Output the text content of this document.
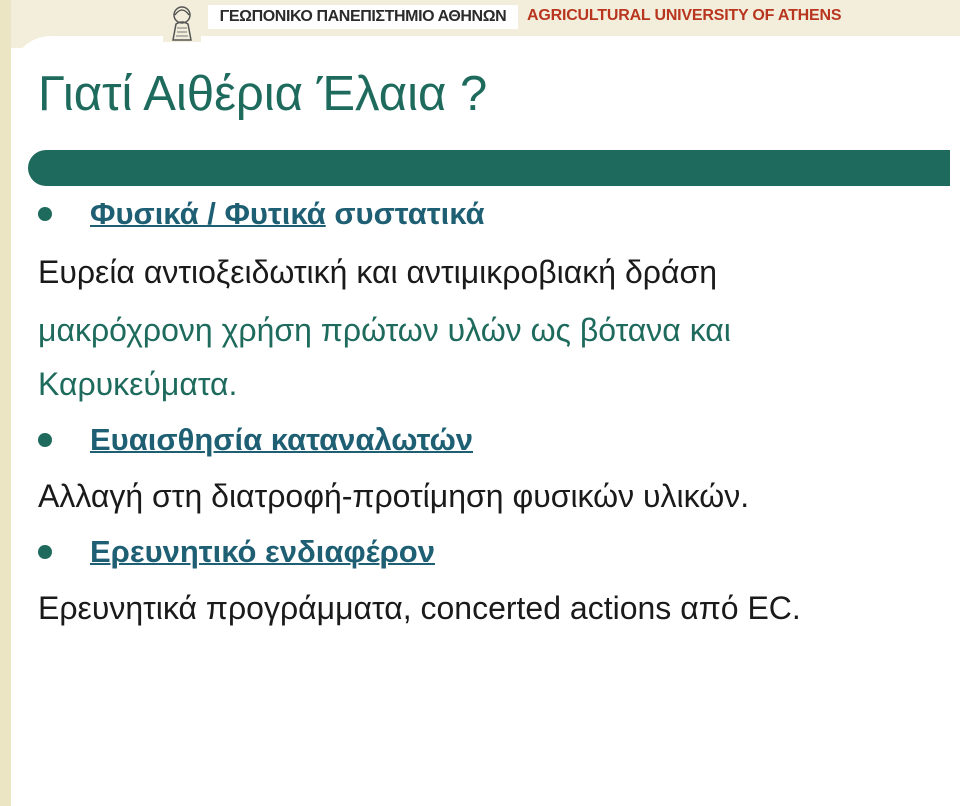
ΓΕΩΠΟΝΙΚΟ ΠΑΝΕΠΙΣΤΗΜΙΟ ΑΘΗΝΩΝ AGRICULTURAL UNIVERSITY OF ATHENS
Γιατί Αιθέρια Έλαια ?
Φυσικά / Φυτικά συστατικά
Ευρεία αντιοξειδωτική και αντιμικροβιακή δράση
μακρόχρονη χρήση πρώτων υλών ως βότανα και
Καρυκεύματα.
Ευαισθησία καταναλωτών
Αλλαγή στη διατροφή-προτίμηση φυσικών υλικών.
Ερευνητικό ενδιαφέρον
Ερευνητικά προγράμματα, concerted actions από EC.
